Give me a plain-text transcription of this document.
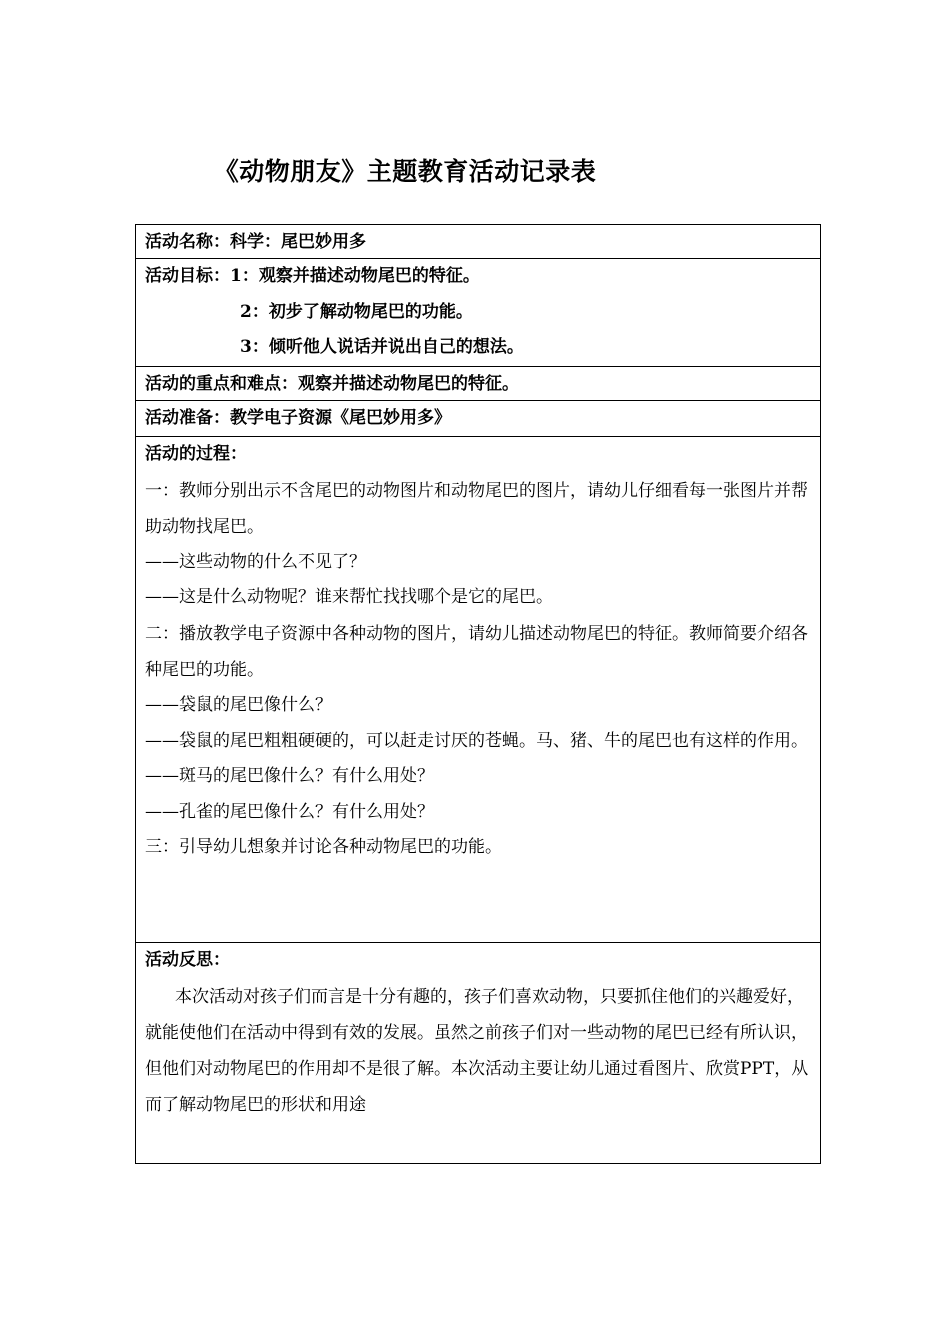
《动物朋友》主题教育活动记录表
活动名称：科学：尾巴妙用多
活动目标：1：观察并描述动物尾巴的特征。
2：初步了解动物尾巴的功能。
3：倾听他人说话并说出自己的想法。
活动的重点和难点：观察并描述动物尾巴的特征。
活动准备：教学电子资源《尾巴妙用多》
活动的过程：
一：教师分别出示不含尾巴的动物图片和动物尾巴的图片，请幼儿仔细看每一张图片并帮助动物找尾巴。
——这些动物的什么不见了？
——这是什么动物呢？谁来帮忙找找哪个是它的尾巴。
二：播放教学电子资源中各种动物的图片，请幼儿描述动物尾巴的特征。教师简要介绍各种尾巴的功能。
——袋鼠的尾巴像什么？
——袋鼠的尾巴粗粗硬硬的，可以赶走讨厌的苍蝇。马、猪、牛的尾巴也有这样的作用。
——斑马的尾巴像什么？有什么用处？
——孔雀的尾巴像什么？有什么用处？
三：引导幼儿想象并讨论各种动物尾巴的功能。
活动反思：
本次活动对孩子们而言是十分有趣的，孩子们喜欢动物，只要抓住他们的兴趣爱好，就能使他们在活动中得到有效的发展。虽然之前孩子们对一些动物的尾巴已经有所认识，但他们对动物尾巴的作用却不是很了解。本次活动主要让幼儿通过看图片、欣赏PPT，从而了解动物尾巴的形状和用途
